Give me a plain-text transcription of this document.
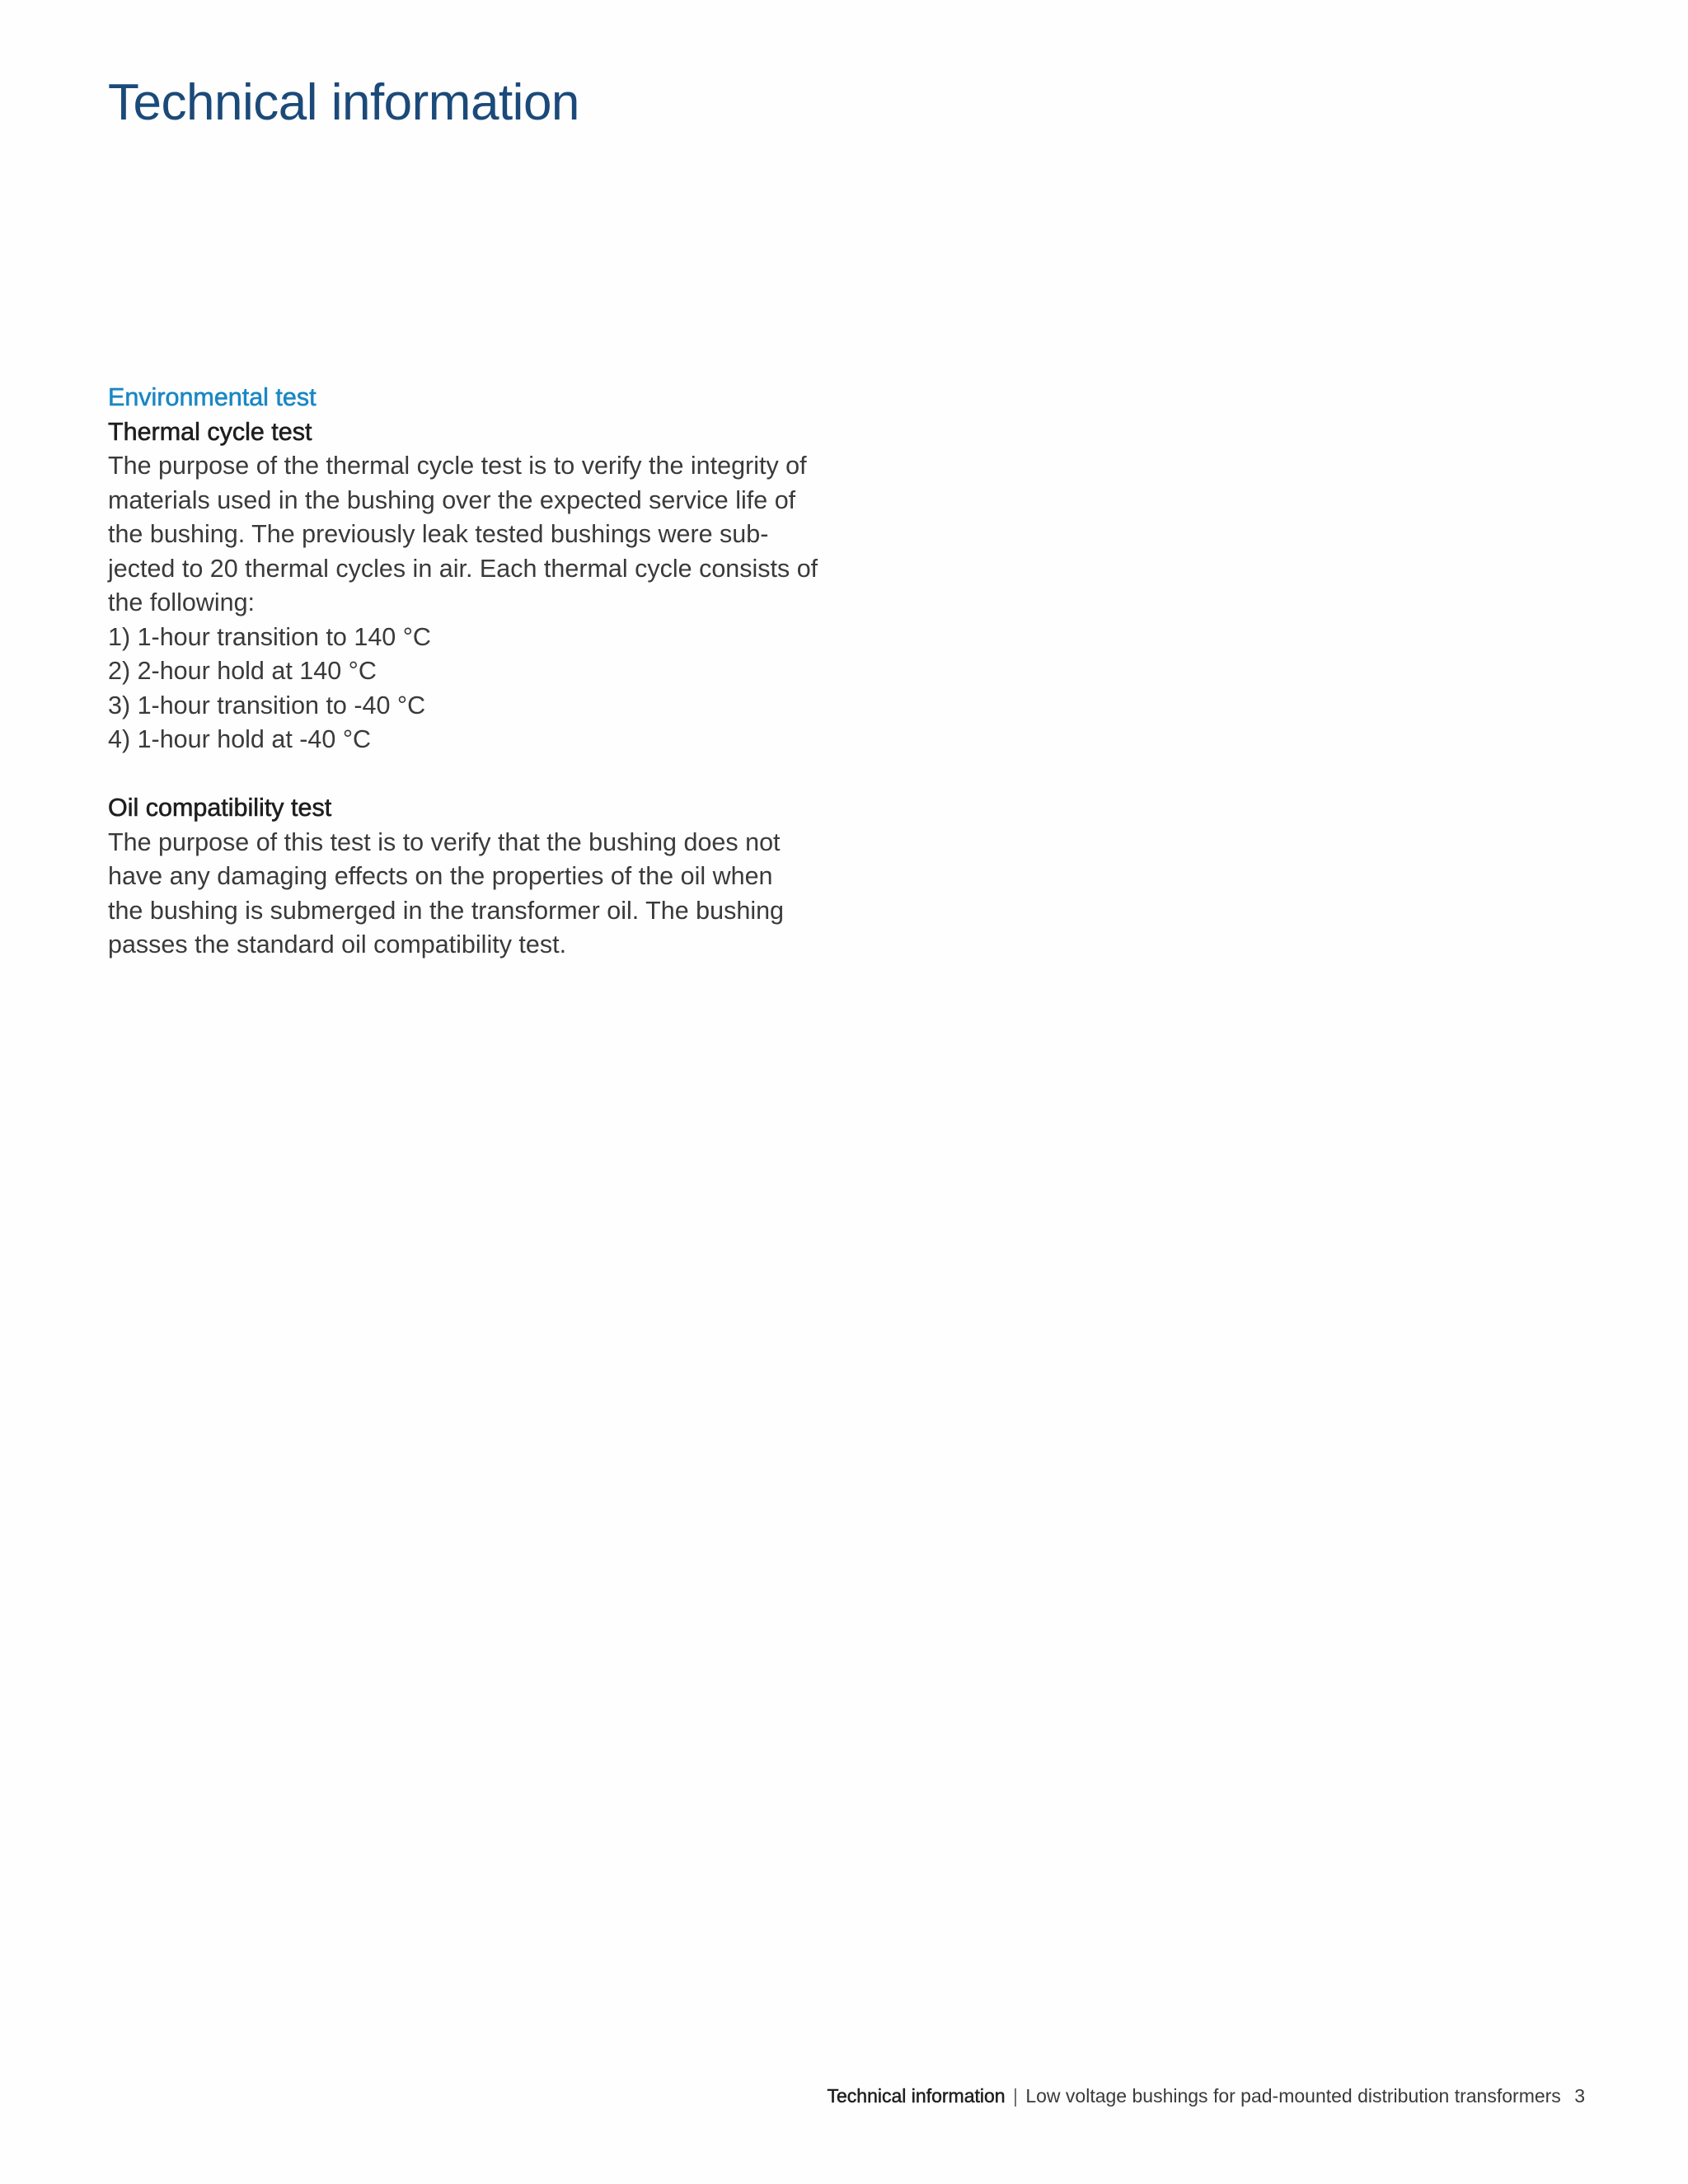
Technical information
Environmental test
Thermal cycle test
The purpose of the thermal cycle test is to verify the integrity of
materials used in the bushing over the expected service life of
the bushing. The previously leak tested bushings were sub-
jected to 20 thermal cycles in air. Each thermal cycle consists of
the following:
1) 1-hour transition to 140 °C
2) 2-hour hold at 140 °C
3) 1-hour transition to -40 °C
4) 1-hour hold at -40 °C
Oil compatibility test
The purpose of this test is to verify that the bushing does not
have any damaging effects on the properties of the oil when
the bushing is submerged in the transformer oil. The bushing
passes the standard oil compatibility test.
Technical information | Low voltage bushings for pad-mounted distribution transformers 3
